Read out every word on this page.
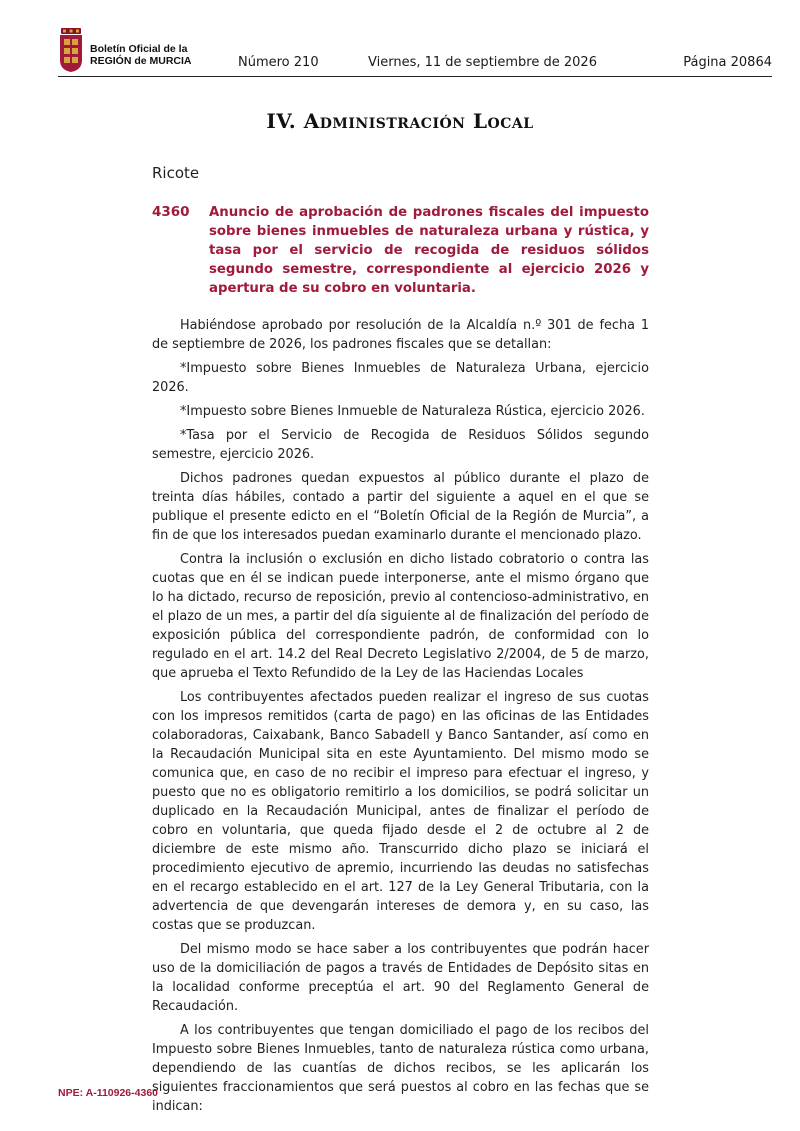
Boletín Oficial de la
REGIÓN de MURCIA	Número 210	Viernes, 11 de septiembre de 2026	Página 20864
IV. Administración Local
Ricote
4360 Anuncio de aprobación de padrones fiscales del impuesto sobre bienes inmuebles de naturaleza urbana y rústica, y tasa por el servicio de recogida de residuos sólidos segundo semestre, correspondiente al ejercicio 2026 y apertura de su cobro en voluntaria.

Habiéndose aprobado por resolución de la Alcaldía n.º 301 de fecha 1 de septiembre de 2026, los padrones fiscales que se detallan:

*Impuesto sobre Bienes Inmuebles de Naturaleza Urbana, ejercicio 2026.

*Impuesto sobre Bienes Inmueble de Naturaleza Rústica, ejercicio 2026.

*Tasa por el Servicio de Recogida de Residuos Sólidos segundo semestre, ejercicio 2026.

Dichos padrones quedan expuestos al público durante el plazo de treinta días hábiles, contado a partir del siguiente a aquel en el que se publique el presente edicto en el “Boletín Oficial de la Región de Murcia”, a fin de que los interesados puedan examinarlo durante el mencionado plazo.

Contra la inclusión o exclusión en dicho listado cobratorio o contra las cuotas que en él se indican puede interponerse, ante el mismo órgano que lo ha dictado, recurso de reposición, previo al contencioso-administrativo, en el plazo de un mes, a partir del día siguiente al de finalización del período de exposición pública del correspondiente padrón, de conformidad con lo regulado en el art. 14.2 del Real Decreto Legislativo 2/2004, de 5 de marzo, que aprueba el Texto Refundido de la Ley de las Haciendas Locales

Los contribuyentes afectados pueden realizar el ingreso de sus cuotas con los impresos remitidos (carta de pago) en las oficinas de las Entidades colaboradoras, Caixabank, Banco Sabadell y Banco Santander, así como en la Recaudación Municipal sita en este Ayuntamiento. Del mismo modo se comunica que, en caso de no recibir el impreso para efectuar el ingreso, y puesto que no es obligatorio remitirlo a los domicilios, se podrá solicitar un duplicado en la Recaudación Municipal, antes de finalizar el período de cobro en voluntaria, que queda fijado desde el 2 de octubre al 2 de diciembre de este mismo año. Transcurrido dicho plazo se iniciará el procedimiento ejecutivo de apremio, incurriendo las deudas no satisfechas en el recargo establecido en el art. 127 de la Ley General Tributaria, con la advertencia de que devengarán intereses de demora y, en su caso, las costas que se produzcan.

Del mismo modo se hace saber a los contribuyentes que podrán hacer uso de la domiciliación de pagos a través de Entidades de Depósito sitas en la localidad conforme preceptúa el art. 90 del Reglamento General de Recaudación.

A los contribuyentes que tengan domiciliado el pago de los recibos del Impuesto sobre Bienes Inmuebles, tanto de naturaleza rústica como urbana, dependiendo de las cuantías de dichos recibos, se les aplicarán los siguientes fraccionamientos que será puestos al cobro en las fechas que se indican:

NPE: A-110926-4360
